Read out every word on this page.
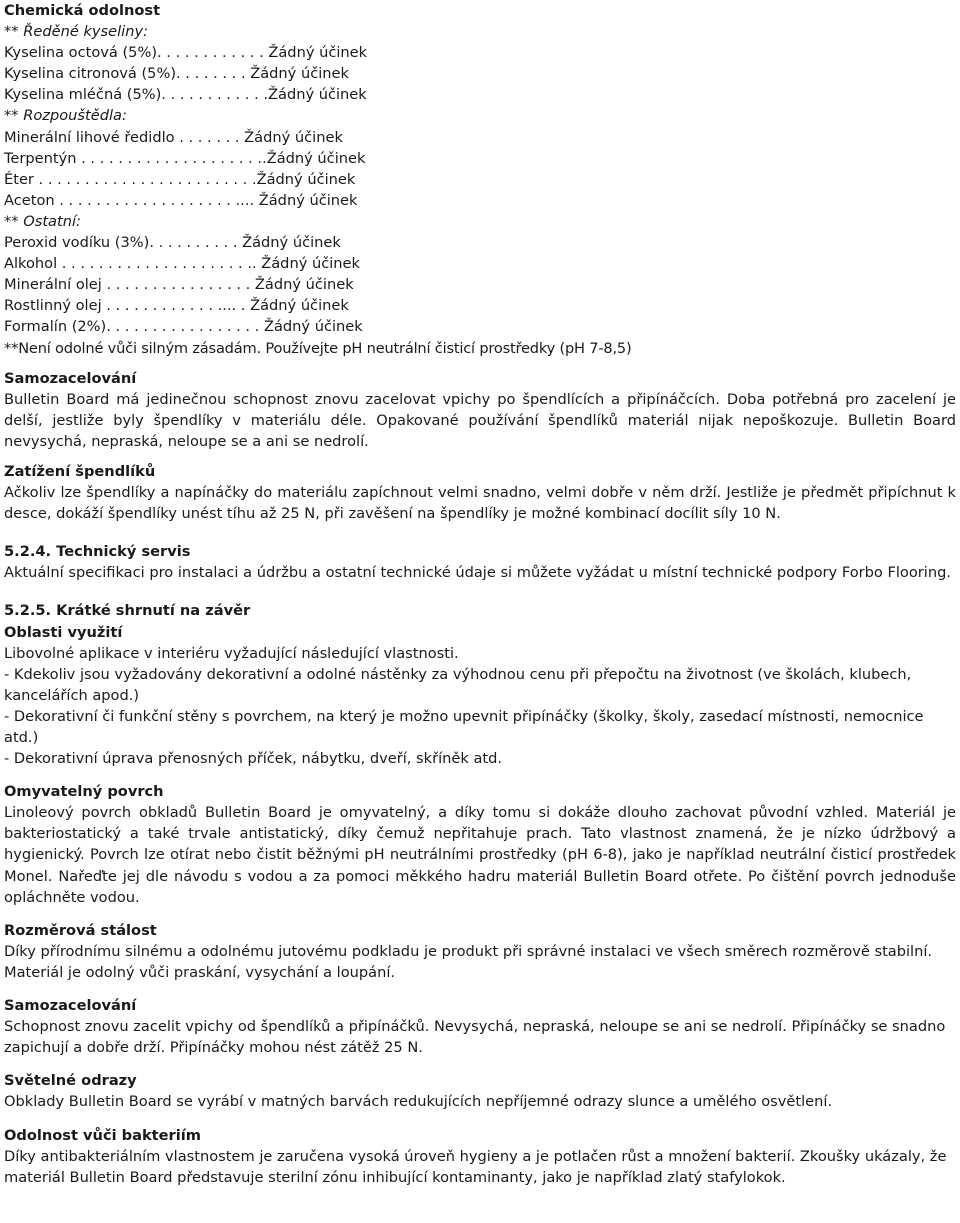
Chemická odolnost
** Ředěné kyseliny:
Kyselina octová (5%). . . . . . . . . . . . Žádný účinek
Kyselina citronová (5%). . . . . . . . Žádný účinek
Kyselina mléčná (5%). . . . . . . . . . . .Žádný účinek
** Rozpouštědla:
Minerální lihové ředidlo . . . . . . . Žádný účinek
Terpentýn . . . . . . . . . . . . . . . . . . . ..Žádný účinek
Éter . . . . . . . . . . . . . . . . . . . . . . . .Žádný účinek
Aceton . . . . . . . . . . . . . . . . . . . .... Žádný účinek
** Ostatní:
Peroxid vodíku (3%). . . . . . . . . . Žádný účinek
Alkohol . . . . . . . . . . . . . . . . . . . . .. Žádný účinek
Minerální olej . . . . . . . . . . . . . . . . Žádný účinek
Rostlinný olej . . . . . . . . . . . . .... . Žádný účinek
Formalín (2%). . . . . . . . . . . . . . . . . Žádný účinek
**Není odolné vůči silným zásadám. Používejte pH neutrální čisticí prostředky (pH 7-8,5)
Samozacelování
Bulletin Board má jedinečnou schopnost znovu zacelovat vpichy po špendlících a připínáčcích. Doba potřebná pro zacelení je delší, jestliže byly špendlíky v materiálu déle. Opakované používání špendlíků materiál nijak nepoškozuje. Bulletin Board nevysychá, nepraská, neloupe se a ani se nedrolí.
Zatížení špendlíků
Ačkoliv lze špendlíky a napínáčky do materiálu zapíchnout velmi snadno, velmi dobře v něm drží. Jestliže je předmět připíchnut k desce, dokáží špendlíky unést tíhu až 25 N, při zavěšení na špendlíky je možné kombinací docílit síly 10 N.
5.2.4. Technický servis
Aktuální specifikaci pro instalaci a údržbu a ostatní technické údaje si můžete vyžádat u místní technické podpory Forbo Flooring.
5.2.5. Krátké shrnutí na závěr
Oblasti využití
Libovolné aplikace v interiéru vyžadující následující vlastnosti.
- Kdekoliv jsou vyžadovány dekorativní a odolné nástěnky za výhodnou cenu při přepočtu na životnost (ve školách, klubech, kancelářích apod.)
- Dekorativní či funkční stěny s povrchem, na který je možno upevnit připínáčky (školky, školy, zasedací místnosti, nemocnice atd.)
- Dekorativní úprava přenosných příček, nábytku, dveří, skříněk atd.
Omyvatelný povrch
Linoleový povrch obkladů Bulletin Board je omyvatelný, a díky tomu si dokáže dlouho zachovat původní vzhled. Materiál je bakteriostatický a také trvale antistatický, díky čemuž nepřitahuje prach. Tato vlastnost znamená, že je nízko údržbový a hygienický. Povrch lze otírat nebo čistit běžnými pH neutrálními prostředky (pH 6-8), jako je například neutrální čisticí prostředek Monel. Nařeďte jej dle návodu s vodou a za pomoci měkkého hadru materiál Bulletin Board otřete. Po čištění povrch jednoduše opláchněte vodou.
Rozměrová stálost
Díky přírodnímu silnému a odolnému jutovému podkladu je produkt při správné instalaci ve všech směrech rozměrově stabilní. Materiál je odolný vůči praskání, vysychání a loupání.
Samozacelování
Schopnost znovu zacelit vpichy od špendlíků a připínáčků. Nevysychá, nepraská, neloupe se ani se nedrolí. Připínáčky se snadno zapichují a dobře drží. Připínáčky mohou nést zátěž 25 N.
Světelné odrazy
Obklady Bulletin Board se vyrábí v matných barvách redukujících nepříjemné odrazy slunce a umělého osvětlení.
Odolnost vůči bakteriím
Díky antibakteriálním vlastnostem je zaručena vysoká úroveň hygieny a je potlačen růst a množení bakterií. Zkoušky ukázaly, že materiál Bulletin Board představuje sterilní zónu inhibující kontaminanty, jako je například zlatý stafylokok.
